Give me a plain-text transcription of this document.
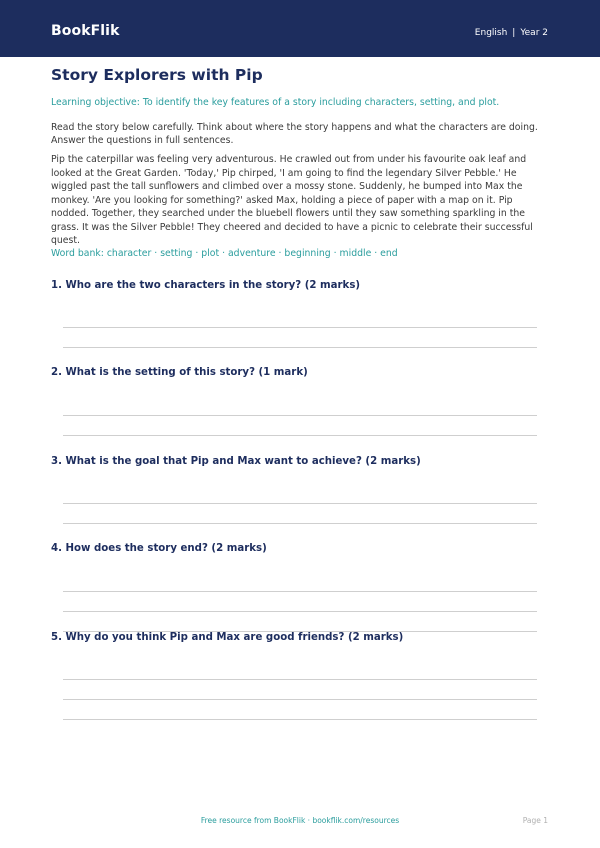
BookFlik	English | Year 2
Story Explorers with Pip
Learning objective: To identify the key features of a story including characters, setting, and plot.
Read the story below carefully. Think about where the story happens and what the characters are doing. Answer the questions in full sentences.
Pip the caterpillar was feeling very adventurous. He crawled out from under his favourite oak leaf and looked at the Great Garden. 'Today,' Pip chirped, 'I am going to find the legendary Silver Pebble.' He wiggled past the tall sunflowers and climbed over a mossy stone. Suddenly, he bumped into Max the monkey. 'Are you looking for something?' asked Max, holding a piece of paper with a map on it. Pip nodded. Together, they searched under the bluebell flowers until they saw something sparkling in the grass. It was the Silver Pebble! They cheered and decided to have a picnic to celebrate their successful quest.
Word bank: character · setting · plot · adventure · beginning · middle · end
1. Who are the two characters in the story? (2 marks)
2. What is the setting of this story? (1 mark)
3. What is the goal that Pip and Max want to achieve? (2 marks)
4. How does the story end? (2 marks)
5. Why do you think Pip and Max are good friends? (2 marks)
Free resource from BookFlik · bookflik.com/resources	Page 1
